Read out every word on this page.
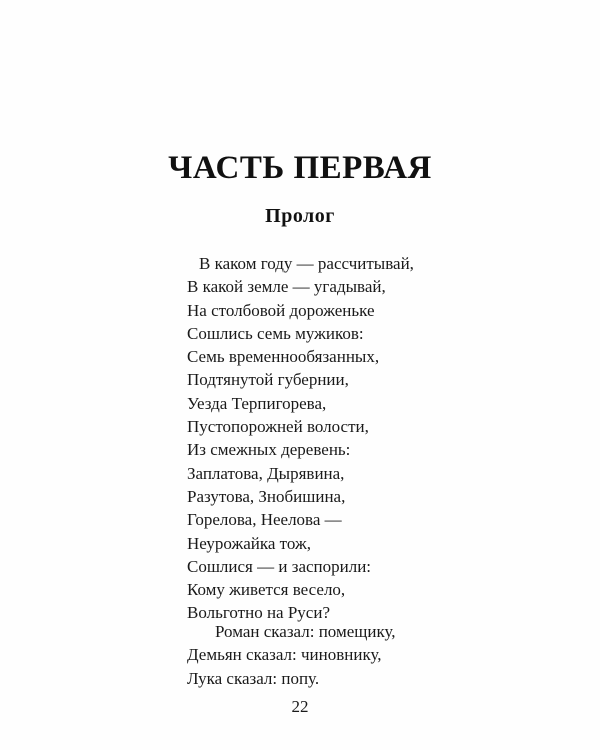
ЧАСТЬ ПЕРВАЯ
Пролог
В каком году — рассчитывай,
В какой земле — угадывай,
На столбовой дороженьке
Сошлись семь мужиков:
Семь временнообязанных,
Подтянутой губернии,
Уезда Терпигорева,
Пустопорожней волости,
Из смежных деревень:
Заплатова, Дырявина,
Разутова, Знобишина,
Горелова, Неелова —
Неурожайка тож,
Сошлися — и заспорили:
Кому живется весело,
Вольготно на Руси?
Роман сказал: помещику,
Демьян сказал: чиновнику,
Лука сказал: попу.
22
